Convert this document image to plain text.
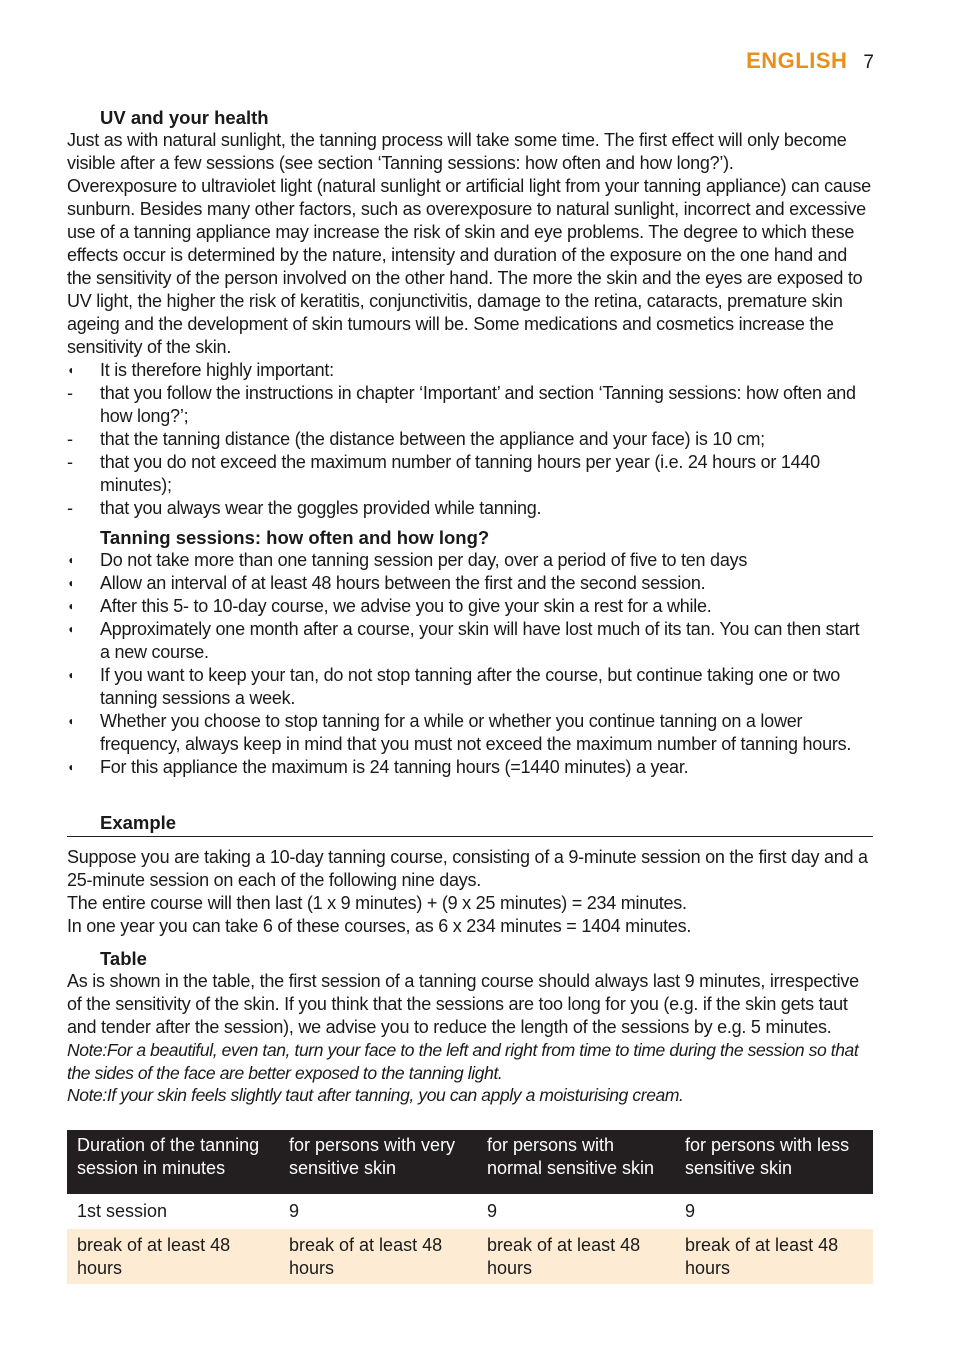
ENGLISH 7
UV and your health

Just as with natural sunlight, the tanning process will take some time. The first effect will only become visible after a few sessions (see section ‘Tanning sessions: how often and how long?’).

Overexposure to ultraviolet light (natural sunlight or artificial light from your tanning appliance) can cause sunburn. Besides many other factors, such as overexposure to natural sunlight, incorrect and excessive use of a tanning appliance may increase the risk of skin and eye problems. The degree to which these effects occur is determined by the nature, intensity and duration of the exposure on the one hand and the sensitivity of the person involved on the other hand. The more the skin and the eyes are exposed to UV light, the higher the risk of keratitis, conjunctivitis, damage to the retina, cataracts, premature skin ageing and the development of skin tumours will be. Some medications and cosmetics increase the sensitivity of the skin.

◖ It is therefore highly important:
- that you follow the instructions in chapter ‘Important’ and section ‘Tanning sessions: how often and how long?’;
- that the tanning distance (the distance between the appliance and your face) is 10 cm;
- that you do not exceed the maximum number of tanning hours per year (i.e. 24 hours or 1440 minutes);
- that you always wear the goggles provided while tanning.
Tanning sessions: how often and how long?
◖ Do not take more than one tanning session per day, over a period of five to ten days
◖ Allow an interval of at least 48 hours between the first and the second session.
◖ After this 5- to 10-day course, we advise you to give your skin a rest for a while.
◖ Approximately one month after a course, your skin will have lost much of its tan. You can then start a new course.
◖ If you want to keep your tan, do not stop tanning after the course, but continue taking one or two tanning sessions a week.
◖ Whether you choose to stop tanning for a while or whether you continue tanning on a lower frequency, always keep in mind that you must not exceed the maximum number of tanning hours.
◖ For this appliance the maximum is 24 tanning hours (=1440 minutes) a year.
Example

Suppose you are taking a 10-day tanning course, consisting of a 9-minute session on the first day and a 25-minute session on each of the following nine days.

The entire course will then last (1 x 9 minutes) + (9 x 25 minutes) = 234 minutes.

In one year you can take 6 of these courses, as 6 x 234 minutes = 1404 minutes.

Table

As is shown in the table, the first session of a tanning course should always last 9 minutes, irrespective of the sensitivity of the skin. If you think that the sessions are too long for you (e.g. if the skin gets taut and tender after the session), we advise you to reduce the length of the sessions by e.g. 5 minutes.

Note:For a beautiful, even tan, turn your face to the left and right from time to time during the session so that the sides of the face are better exposed to the tanning light.
Note:If your skin feels slightly taut after tanning, you can apply a moisturising cream.
Duration of the tanning session in minutes	for persons with very sensitive skin	for persons with normal sensitive skin	for persons with less sensitive skin
1st session	9	9	9
break of at least 48 hours	break of at least 48 hours	break of at least 48 hours	break of at least 48 hours
